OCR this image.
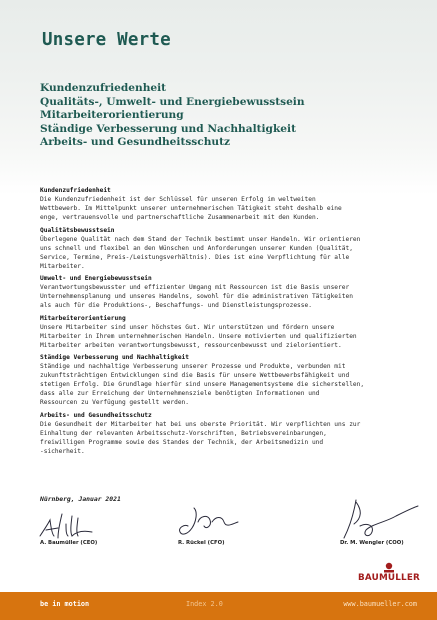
Unsere Werte
Kundenzufriedenheit
Qualitäts-, Umwelt- und Energiebewusstsein
Mitarbeiterorientierung
Ständige Verbesserung und Nachhaltigkeit
Arbeits- und Gesundheitsschutz
Kundenzufriedenheit
Die Kundenzufriedenheit ist der Schlüssel für unseren Erfolg im weltweiten
Wettbewerb. Im Mittelpunkt unserer unternehmerischen Tätigkeit steht deshalb eine
enge, vertrauensvolle und partnerschaftliche Zusammenarbeit mit den Kunden.
Qualitätsbewusstsein
Überlegene Qualität nach dem Stand der Technik bestimmt unser Handeln. Wir orientieren
uns schnell und flexibel an den Wünschen und Anforderungen unserer Kunden (Qualität,
Service, Termine, Preis-/Leistungsverhältnis). Dies ist eine Verpflichtung für alle
Mitarbeiter.
Umwelt- und Energiebewusstsein
Verantwortungsbewusster und effizienter Umgang mit Ressourcen ist die Basis unserer
Unternehmensplanung und unseres Handelns, sowohl für die administrativen Tätigkeiten
als auch für die Produktions-, Beschaffungs- und Dienstleistungsprozesse.
Mitarbeiterorientierung
Unsere Mitarbeiter sind unser höchstes Gut. Wir unterstützen und fördern unsere
Mitarbeiter in Ihrem unternehmerischen Handeln. Unsere motivierten und qualifizierten
Mitarbeiter arbeiten verantwortungsbewusst, ressourcenbewusst und zielorientiert.
Ständige Verbesserung und Nachhaltigkeit
Ständige und nachhaltige Verbesserung unserer Prozesse und Produkte, verbunden mit
zukunftsträchtigen Entwicklungen sind die Basis für unsere Wettbewerbsfähigkeit und
stetigen Erfolg. Die Grundlage hierfür sind unsere Managementsysteme die sicherstellen,
dass alle zur Erreichung der Unternehmensziele benötigten Informationen und
Ressourcen zu Verfügung gestellt werden.
Arbeits- und Gesundheitsschutz
Die Gesundheit der Mitarbeiter hat bei uns oberste Priorität. Wir verpflichten uns zur
Einhaltung der relevanten Arbeitsschutz-Vorschriften, Betriebsvereinbarungen,
freiwilligen Programme sowie des Standes der Technik, der Arbeitsmedizin und
-sicherheit.
Nürnberg, Januar 2021
A. Baumüller (CEO)	R. Rückel (CFO)	Dr. M. Wengler (COO)
BAUMULLER
be in motion	Index 2.0	www.baumueller.com
